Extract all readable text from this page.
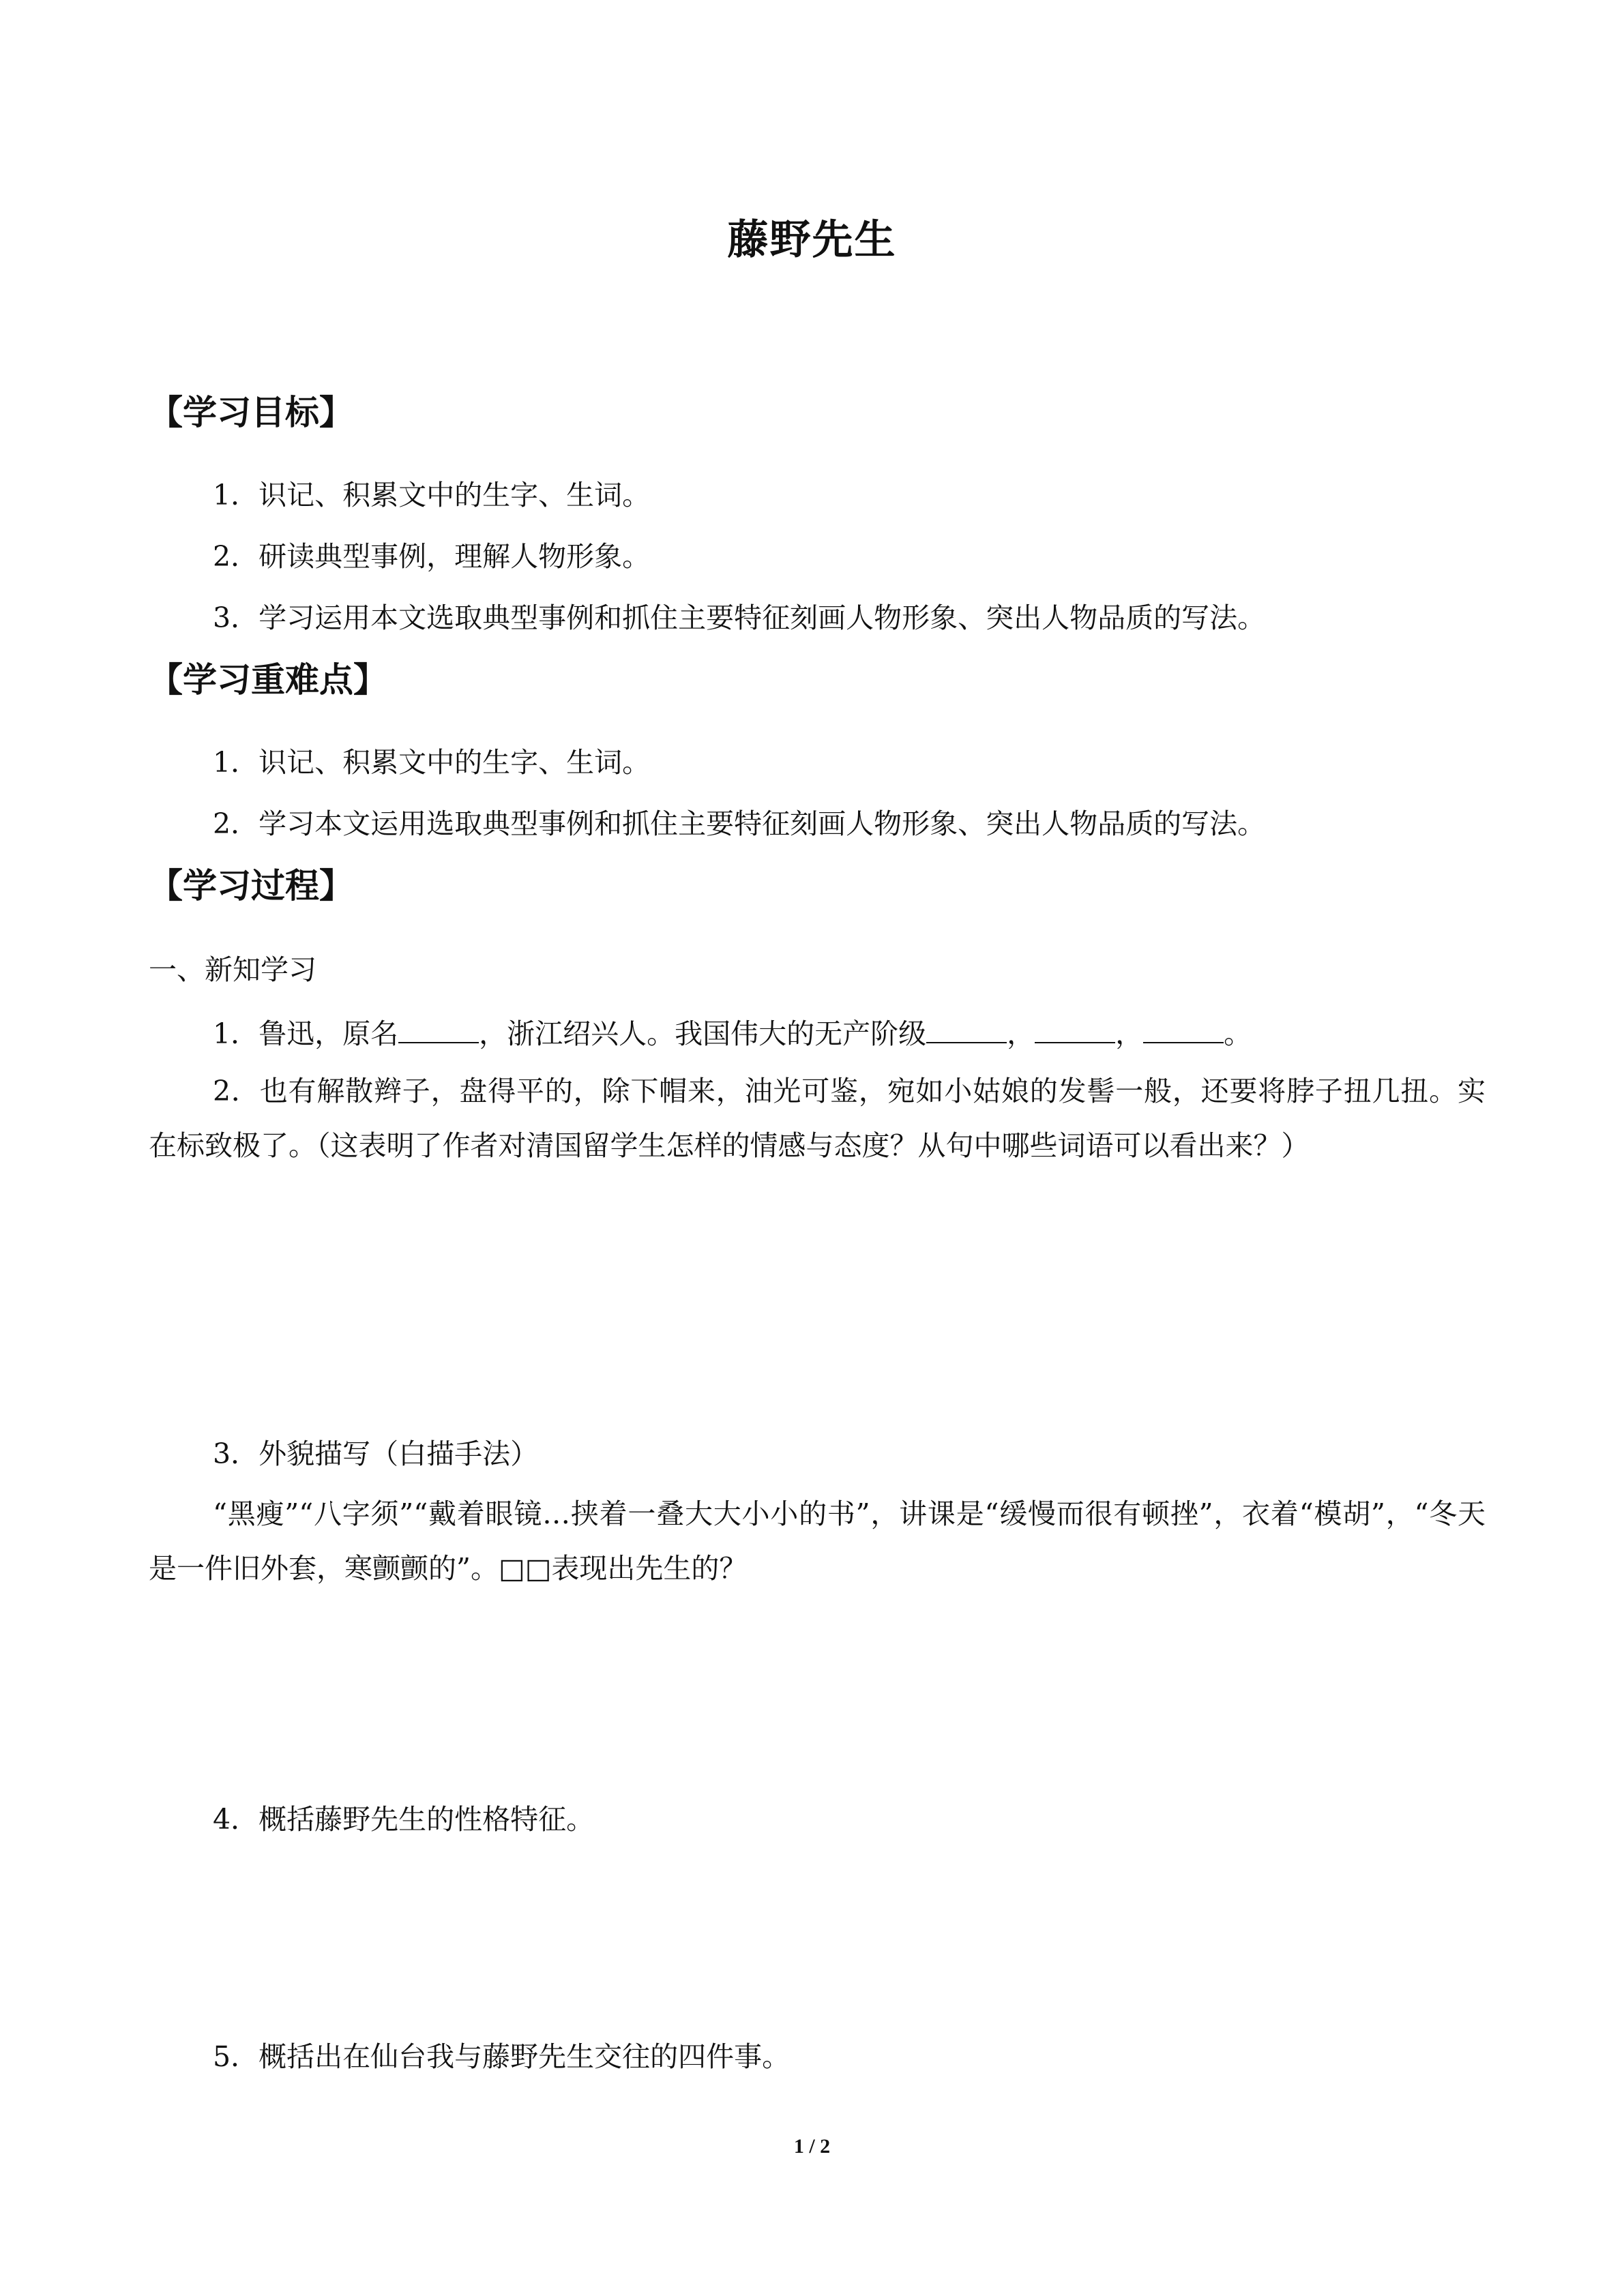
藤野先生
【学习目标】
1．识记、积累文中的生字、生词。
2．研读典型事例，理解人物形象。
3．学习运用本文选取典型事例和抓住主要特征刻画人物形象、突出人物品质的写法。
【学习重难点】
1．识记、积累文中的生字、生词。
2．学习本文运用选取典型事例和抓住主要特征刻画人物形象、突出人物品质的写法。
【学习过程】
一、新知学习
1．鲁迅，原名	，浙江绍兴人。我国伟大的无产阶级	，	，	。
2．也有解散辫子，盘得平的，除下帽来，油光可鉴，宛如小姑娘的发髻一般，还要将脖子扭几扭。实在标致极了。（这表明了作者对清国留学生怎样的情感与态度？从句中哪些词语可以看出来？）
3．外貌描写（白描手法）
“黑瘦”“八字须”“戴着眼镜…挟着一叠大大小小的书”，讲课是“缓慢而很有顿挫”，衣着“模胡”，“冬天是一件旧外套，寒颤颤的”。□□表现出先生的？
4．概括藤野先生的性格特征。
5．概括出在仙台我与藤野先生交往的四件事。
1 / 2
